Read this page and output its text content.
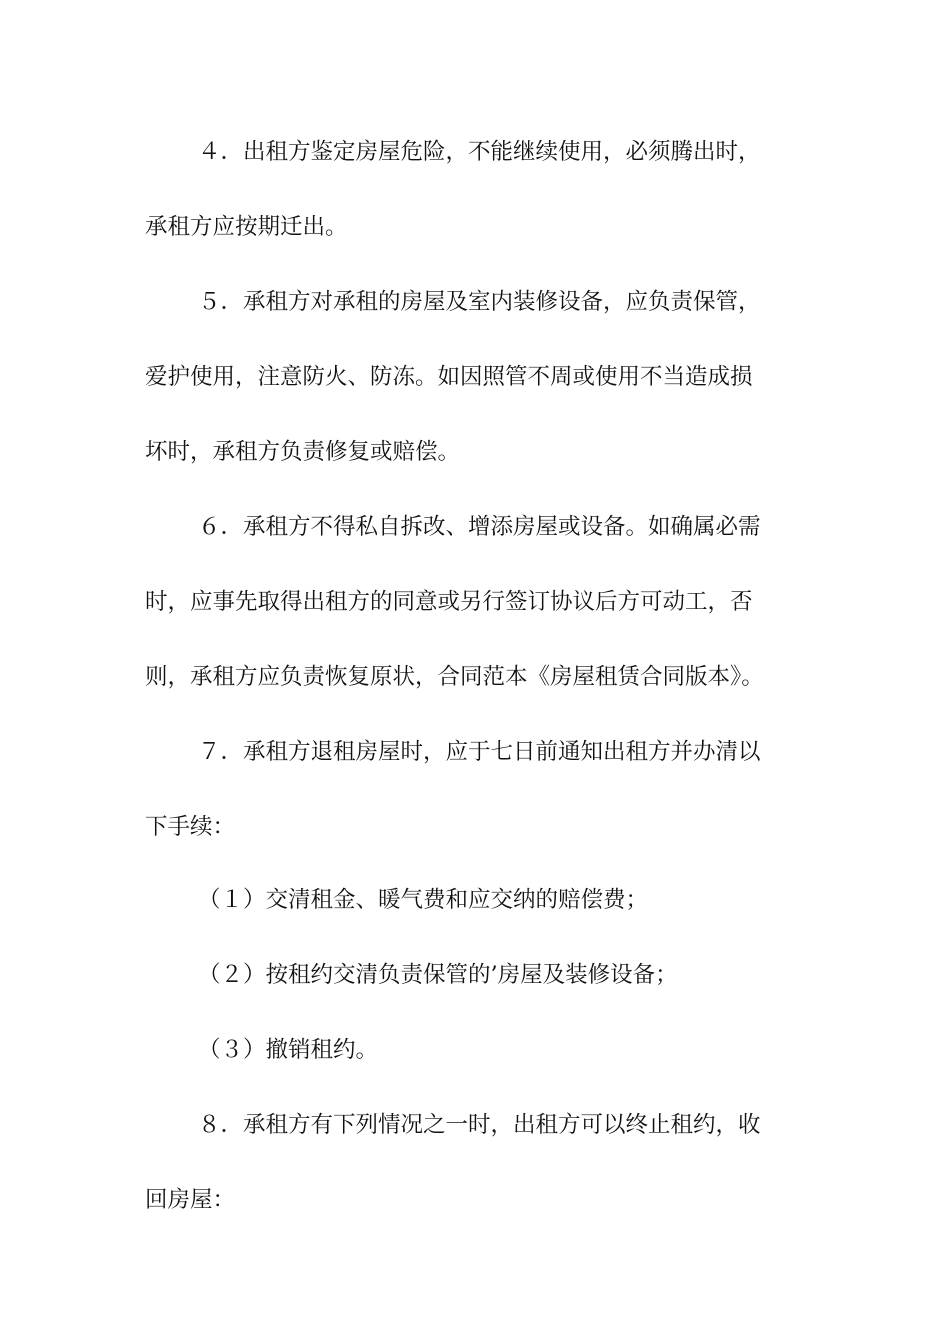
４．出租方鉴定房屋危险，不能继续使用，必须腾出时，
承租方应按期迁出。
５．承租方对承租的房屋及室内装修设备，应负责保管，
爱护使用，注意防火、防冻。如因照管不周或使用不当造成损
坏时，承租方负责修复或赔偿。
６．承租方不得私自拆改、增添房屋或设备。如确属必需
时，应事先取得出租方的同意或另行签订协议后方可动工，否
则，承租方应负责恢复原状，合同范本《房屋租赁合同版本》。
７．承租方退租房屋时，应于七日前通知出租方并办清以
下手续：
（１）交清租金、暖气费和应交纳的赔偿费；
（２）按租约交清负责保管的’房屋及装修设备；
（３）撤销租约。
８．承租方有下列情况之一时，出租方可以终止租约，收
回房屋：
